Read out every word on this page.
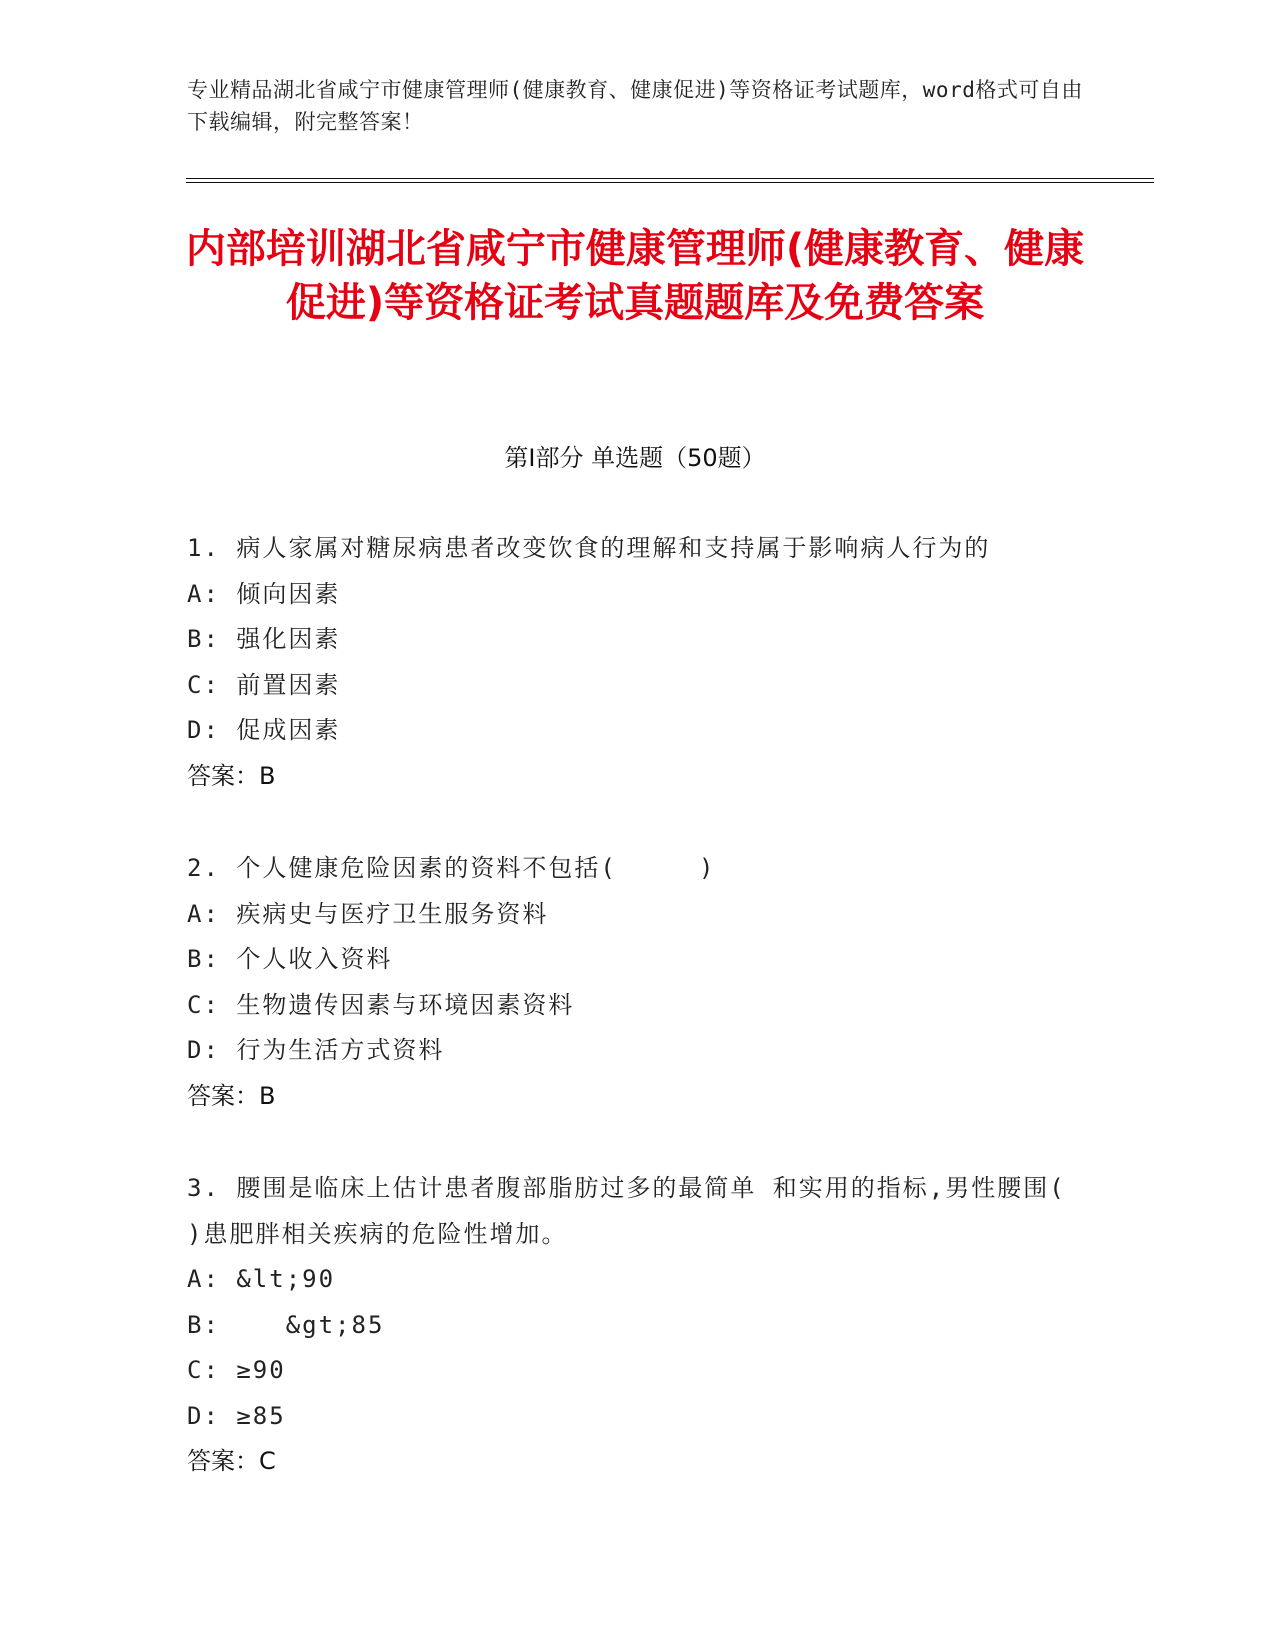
专业精品湖北省咸宁市健康管理师(健康教育、健康促进)等资格证考试题库，word格式可自由下载编辑，附完整答案！
内部培训湖北省咸宁市健康管理师(健康教育、健康促进)等资格证考试真题题库及免费答案
第Ⅰ部分 单选题（50题）
1. 病人家属对糖尿病患者改变饮食的理解和支持属于影响病人行为的
A: 倾向因素
B: 强化因素
C: 前置因素
D: 促成因素
答案：B
2. 个人健康危险因素的资料不包括(     )
A: 疾病史与医疗卫生服务资料
B: 个人收入资料
C: 生物遗传因素与环境因素资料
D: 行为生活方式资料
答案：B
3. 腰围是临床上估计患者腹部脂肪过多的最简单 和实用的指标,男性腰围(  )患肥胖相关疾病的危险性增加。
A: &lt;90
B:    &gt;85
C: ≥90
D: ≥85
答案：C
